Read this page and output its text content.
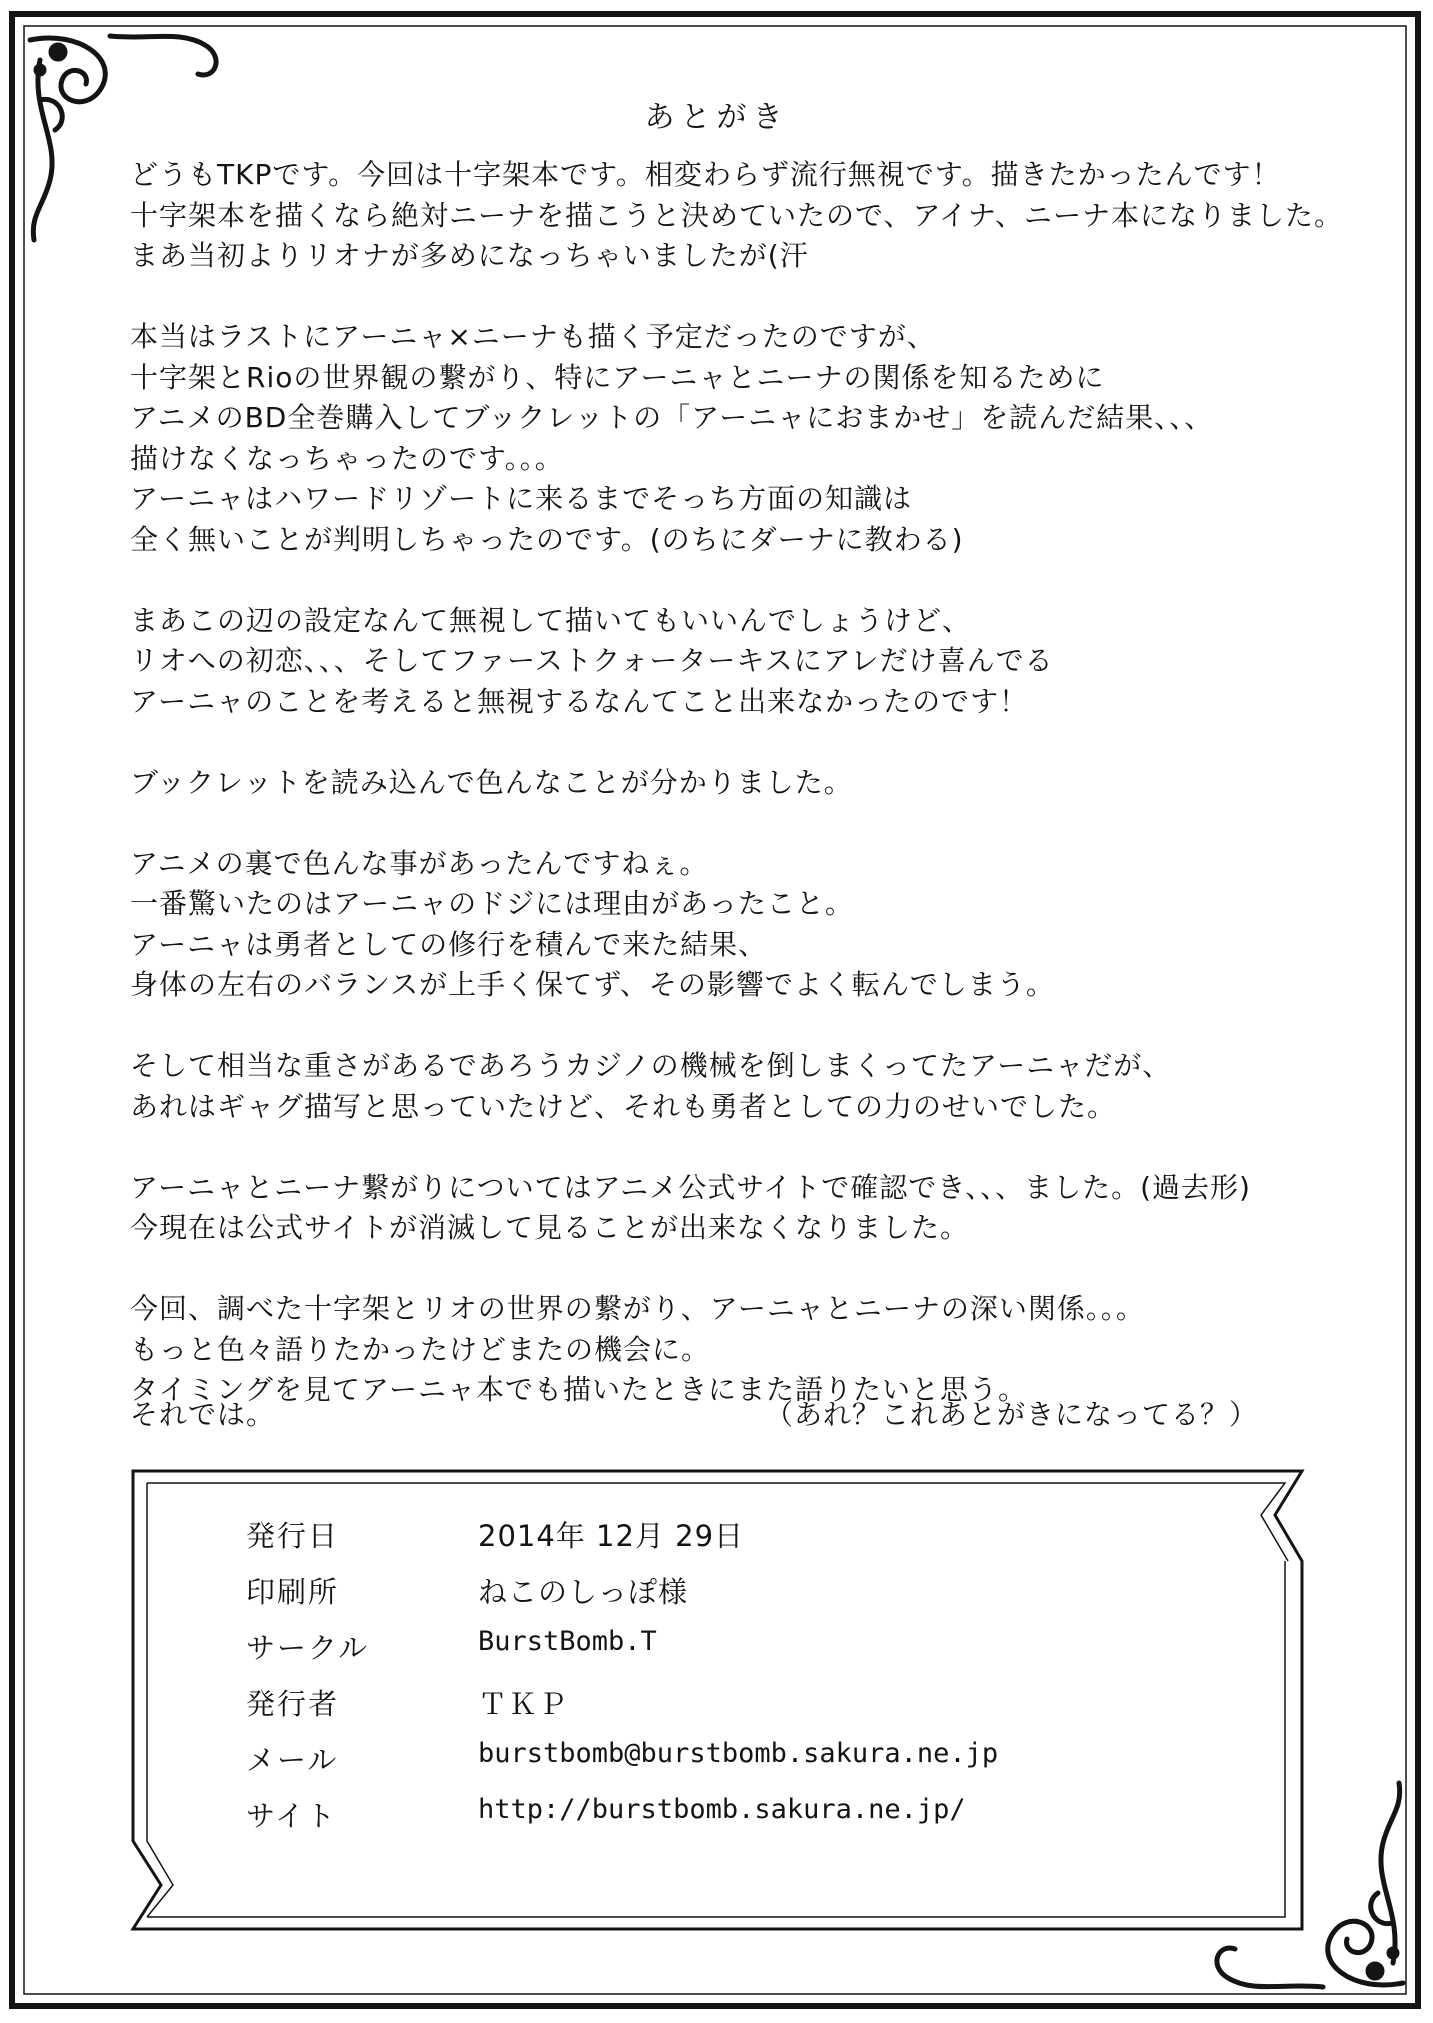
あとがき
どうもTKPです。今回は十字架本です。相変わらず流行無視です。描きたかったんです！
十字架本を描くなら絶対ニーナを描こうと決めていたので、アイナ、ニーナ本になりました。
まあ当初よりリオナが多めになっちゃいましたが(汗
本当はラストにアーニャ×ニーナも描く予定だったのですが、
十字架とRioの世界観の繋がり、特にアーニャとニーナの関係を知るために
アニメのBD全巻購入してブックレットの「アーニャにおまかせ」を読んだ結果、、、
描けなくなっちゃったのです。。。
アーニャはハワードリゾートに来るまでそっち方面の知識は
全く無いことが判明しちゃったのです。(のちにダーナに教わる)
まあこの辺の設定なんて無視して描いてもいいんでしょうけど、
リオへの初恋、、、そしてファーストクォーターキスにアレだけ喜んでる
アーニャのことを考えると無視するなんてこと出来なかったのです！
ブックレットを読み込んで色んなことが分かりました。
アニメの裏で色んな事があったんですねぇ。
一番驚いたのはアーニャのドジには理由があったこと。
アーニャは勇者としての修行を積んで来た結果、
身体の左右のバランスが上手く保てず、その影響でよく転んでしまう。
そして相当な重さがあるであろうカジノの機械を倒しまくってたアーニャだが、
あれはギャグ描写と思っていたけど、それも勇者としての力のせいでした。
アーニャとニーナ繋がりについてはアニメ公式サイトで確認でき、、、ました。(過去形)
今現在は公式サイトが消滅して見ることが出来なくなりました。
今回、調べた十字架とリオの世界の繋がり、アーニャとニーナの深い関係。。。
もっと色々語りたかったけどまたの機会に。
タイミングを見てアーニャ本でも描いたときにまた語りたいと思う。
それでは。	（あれ？これあとがきになってる？）
発行日	2014年 12月 29日
印刷所	ねこのしっぽ様
サークル	BurstBomb.T
発行者	ＴＫＰ
メール	burstbomb@burstbomb.sakura.ne.jp
サイト	http://burstbomb.sakura.ne.jp/
